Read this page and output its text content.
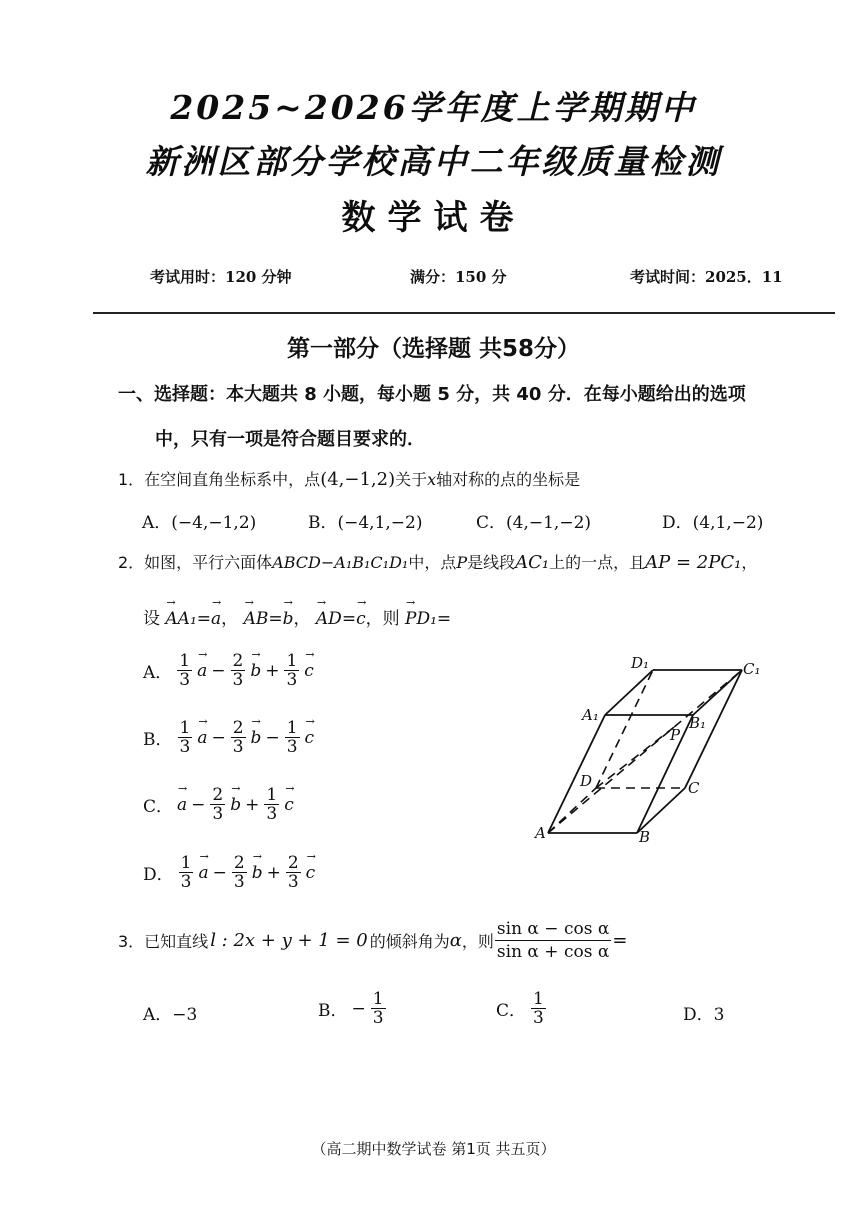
2025~2026学年度上学期期中
新洲区部分学校高中二年级质量检测
数学试卷
考试用时：120 分钟	满分：150 分	考试时间：2025．11
第一部分（选择题 共58分）
一、选择题：本大题共 8 小题，每小题 5 分，共 40 分．在每小题给出的选项
中，只有一项是符合题目要求的．
1．在空间直角坐标系中，点(4,−1,2)关于x轴对称的点的坐标是
A．(−4,−1,2)	B．(−4,1,−2)	C．(4,−1,−2)	D．(4,1,−2)
2．如图，平行六面体ABCD−A₁B₁C₁D₁中，点P是线段AC₁上的一点，且AP = 2PC₁，
设 → AA₁=→ a， → AB=→ b， → AD=→ c，则 → PD₁=
A． $\frac{1}{3}$
→ $a - \frac{2}{3}$
→ $b + \frac{1}{3}$
→ c
B． $\frac{1}{3}$
→ $a - \frac{2}{3}$
→ $b - \frac{1}{3}$
→ c
C．
→ $a - \frac{2}{3}$
→ $b + \frac{1}{3}$
→ c
D． $\frac{1}{3}$
→ $a - \frac{2}{3}$
→ $b + \frac{2}{3}$
→ c
A	B
C
D
A₁	B₁
C₁
D₁
P
3．已知直线 l : 2x + y + 1 = 0 的倾斜角为 α ，则 $\frac{\text{sin α − cos α}}{\text{sin α + cos α}}$ =
A．−3	B． − $\frac{1}{3}$	C． $\frac{1}{3}$	D．3
（高二期中数学试卷 第1页 共五页）
